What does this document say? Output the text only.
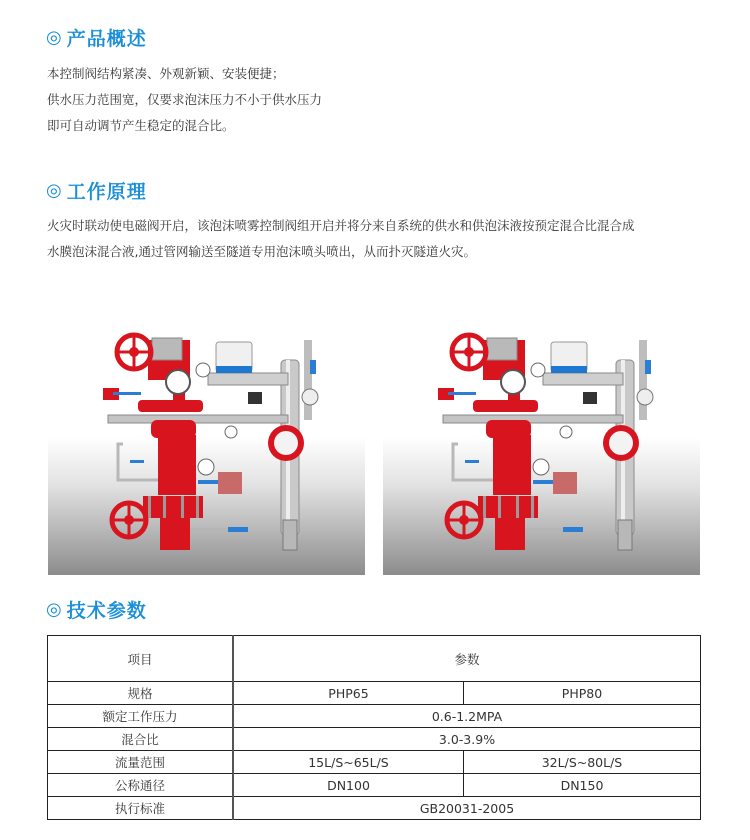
◎ 产品概述

本控制阀结构紧凑、外观新颖、安装便捷；

供水压力范围宽，仅要求泡沫压力不小于供水压力

即可自动调节产生稳定的混合比。

◎ 工作原理

火灾时联动使电磁阀开启，该泡沫喷雾控制阀组开启并将分来自系统的供水和供泡沫液按预定混合比混合成

水膜泡沫混合液,通过管网输送至隧道专用泡沫喷头喷出，从而扑灭隧道火灾。

◎ 技术参数
项目	参数	
规格	PHP65	PHP80
额定工作压力	0.6-1.2MPA	
混合比	3.0-3.9%	
流量范围	15L/S~65L/S	32L/S~80L/S
公称通径	DN100	DN150
执行标准	GB20031-2005	
